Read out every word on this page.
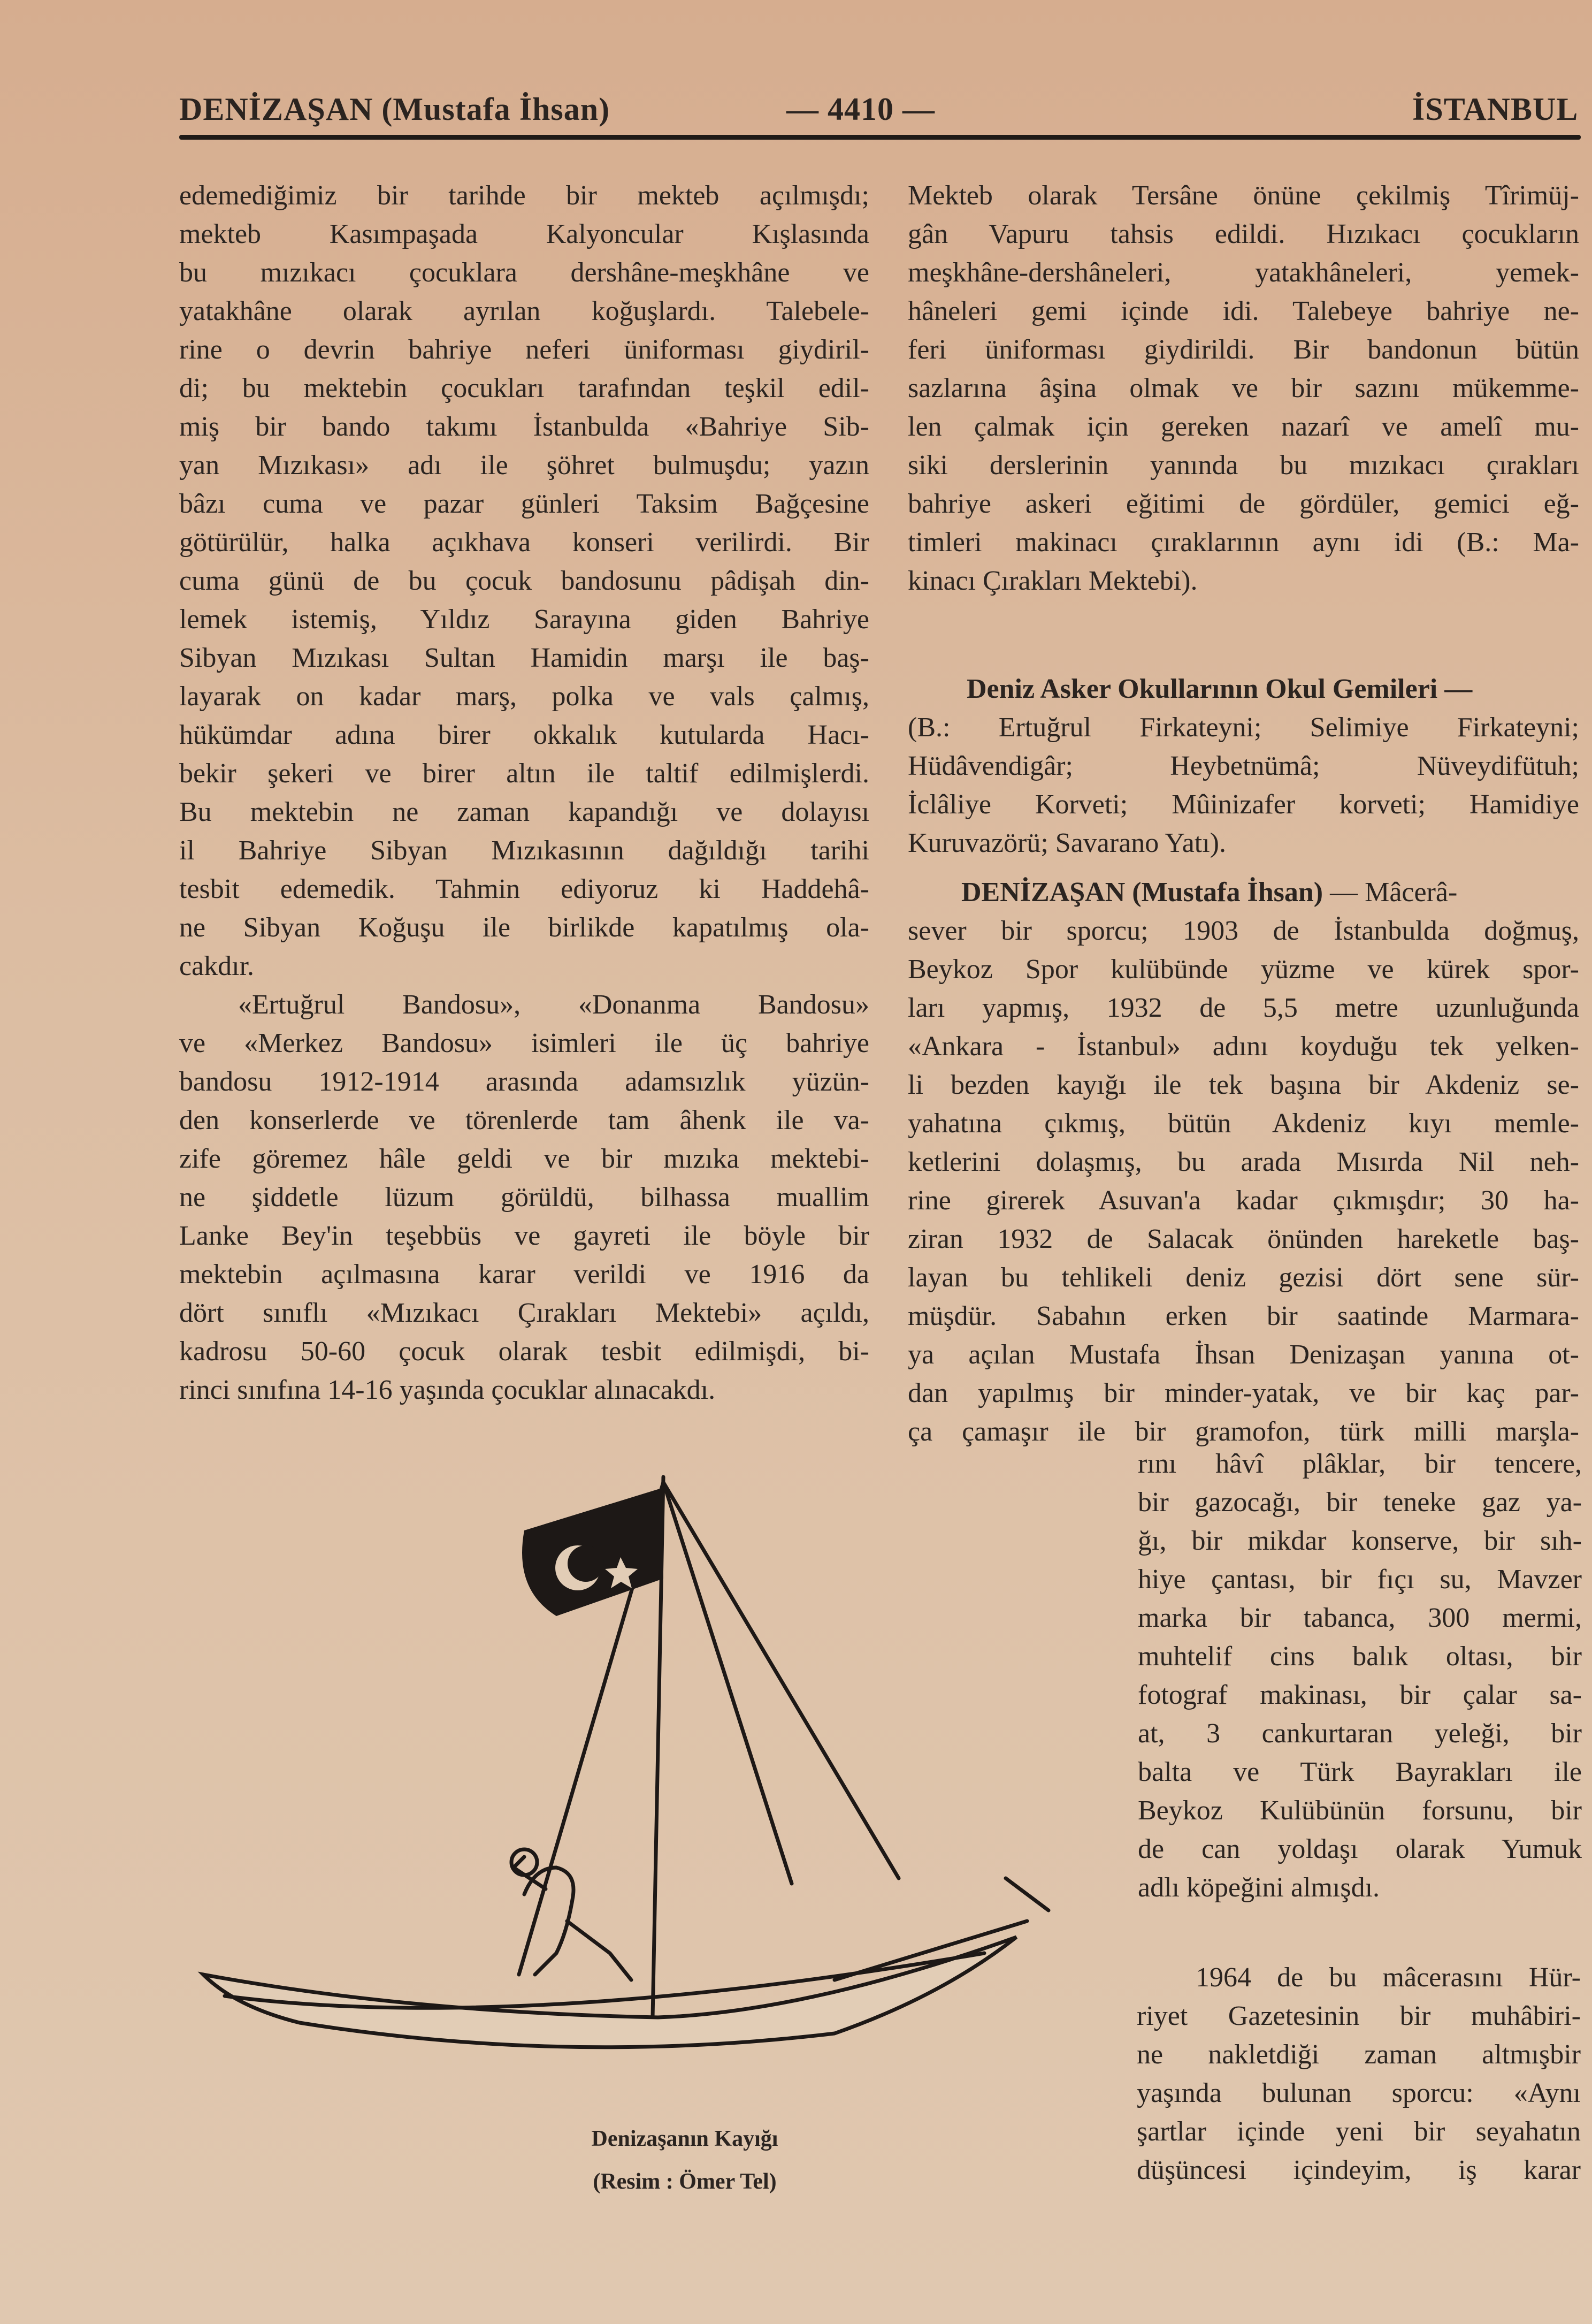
DENİZAŞAN (Mustafa İhsan)	— 4410 —	İSTANBUL
edemediğimiz bir tarihde bir mekteb açılmışdı;
mekteb Kasımpaşada Kalyoncular Kışlasında
bu mızıkacı çocuklara dershâne-meşkhâne ve
yatakhâne olarak ayrılan koğuşlardı. Talebele-
rine o devrin bahriye neferi üniforması giydiril-
di; bu mektebin çocukları tarafından teşkil edil-
miş bir bando takımı İstanbulda «Bahriye Sib-
yan Mızıkası» adı ile şöhret bulmuşdu; yazın
bâzı cuma ve pazar günleri Taksim Bağçesine
götürülür, halka açıkhava konseri verilirdi. Bir
cuma günü de bu çocuk bandosunu pâdişah din-
lemek istemiş, Yıldız Sarayına giden Bahriye
Sibyan Mızıkası Sultan Hamidin marşı ile baş-
layarak on kadar marş, polka ve vals çalmış,
hükümdar adına birer okkalık kutularda Hacı-
bekir şekeri ve birer altın ile taltif edilmişlerdi.
Bu mektebin ne zaman kapandığı ve dolayısı
il Bahriye Sibyan Mızıkasının dağıldığı tarihi
tesbit edemedik. Tahmin ediyoruz ki Haddehâ-
ne Sibyan Koğuşu ile birlikde kapatılmış ola-
cakdır.
«Ertuğrul Bandosu», «Donanma Bandosu»
ve «Merkez Bandosu» isimleri ile üç bahriye
bandosu 1912-1914 arasında adamsızlık yüzün-
den konserlerde ve törenlerde tam âhenk ile va-
zife göremez hâle geldi ve bir mızıka mektebi-
ne şiddetle lüzum görüldü, bilhassa muallim
Lanke Bey'in teşebbüs ve gayreti ile böyle bir
mektebin açılmasına karar verildi ve 1916 da
dört sınıflı «Mızıkacı Çırakları Mektebi» açıldı,
kadrosu 50-60 çocuk olarak tesbit edilmişdi, bi-
rinci sınıfına 14-16 yaşında çocuklar alınacakdı.
Mekteb olarak Tersâne önüne çekilmiş Tîrimüj-
gân Vapuru tahsis edildi. Hızıkacı çocukların
meşkhâne-dershâneleri, yatakhâneleri, yemek-
hâneleri gemi içinde idi. Talebeye bahriye ne-
feri üniforması giydirildi. Bir bandonun bütün
sazlarına âşina olmak ve bir sazını mükemme-
len çalmak için gereken nazarî ve amelî mu-
siki derslerinin yanında bu mızıkacı çırakları
bahriye askeri eğitimi de gördüler, gemici eğ-
timleri makinacı çıraklarının aynı idi (B.: Ma-
kinacı Çırakları Mektebi).
Deniz Asker Okullarının Okul Gemileri —
(B.: Ertuğrul Firkateyni; Selimiye Firkateyni;
Hüdâvendigâr; Heybetnümâ; Nüveydifütuh;
İclâliye Korveti; Mûinizafer korveti; Hamidiye
Kuruvazörü; Savarano Yatı).
DENİZAŞAN (Mustafa İhsan) — Mâcerâ-
sever bir sporcu; 1903 de İstanbulda doğmuş,
Beykoz Spor kulübünde yüzme ve kürek spor-
ları yapmış, 1932 de 5,5 metre uzunluğunda
«Ankara - İstanbul» adını koyduğu tek yelken-
li bezden kayığı ile tek başına bir Akdeniz se-
yahatına çıkmış, bütün Akdeniz kıyı memle-
ketlerini dolaşmış, bu arada Mısırda Nil neh-
rine girerek Asuvan'a kadar çıkmışdır; 30 ha-
ziran 1932 de Salacak önünden hareketle baş-
layan bu tehlikeli deniz gezisi dört sene sür-
müşdür. Sabahın erken bir saatinde Marmara-
ya açılan Mustafa İhsan Denizaşan yanına ot-
dan yapılmış bir minder-yatak, ve bir kaç par-
ça çamaşır ile bir gramofon, türk milli marşla-
rını hâvî plâklar, bir tencere,
bir gazocağı, bir teneke gaz ya-
ğı, bir mikdar konserve, bir sıh-
hiye çantası, bir fıçı su, Mavzer
marka bir tabanca, 300 mermi,
muhtelif cins balık oltası, bir
fotograf makinası, bir çalar sa-
at, 3 cankurtaran yeleği, bir
balta ve Türk Bayrakları ile
Beykoz Kulübünün forsunu, bir
de can yoldaşı olarak Yumuk
adlı köpeğini almışdı.
1964 de bu mâcerasını Hür-
riyet Gazetesinin bir muhâbiri-
ne nakletdiği zaman altmışbir
yaşında bulunan sporcu: «Aynı
şartlar içinde yeni bir seyahatın
düşüncesi içindeyim, iş karar
Denizaşanın Kayığı
(Resim : Ömer Tel)
